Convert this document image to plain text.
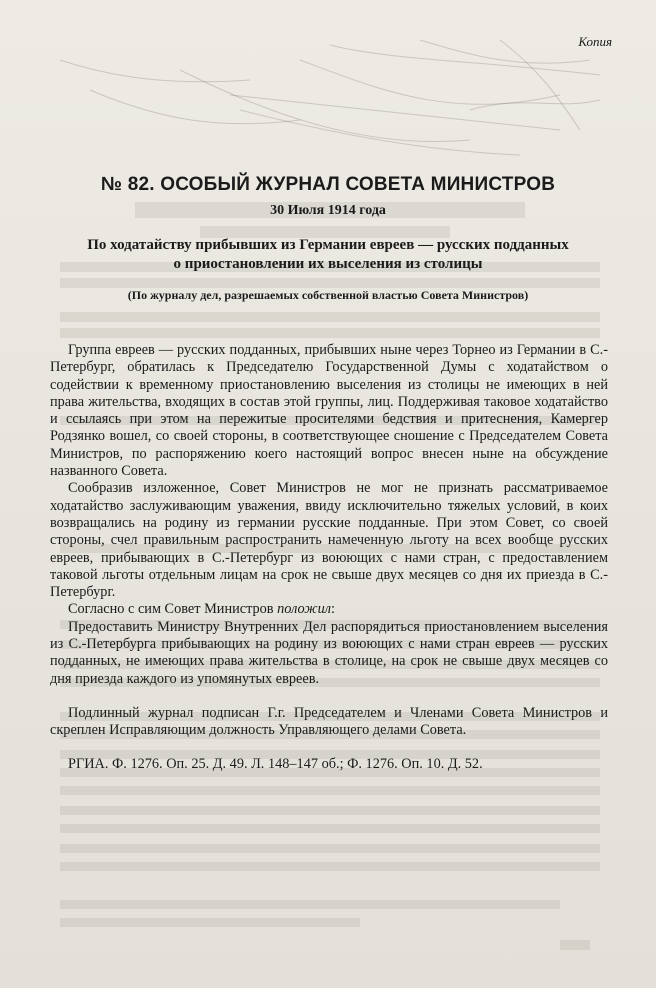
Копия
№ 82. ОСОБЫЙ ЖУРНАЛ СОВЕТА МИНИСТРОВ
30 Июля 1914 года
По ходатайству прибывших из Германии евреев — русских подданных
о приостановлении их выселения из столицы
(По журналу дел, разрешаемых собственной властью Совета Министров)

Группа евреев — русских подданных, прибывших ныне через Торнео из Германии в С.-Петербург, обратилась к Председателю Государственной Думы с ходатайством о содействии к временному приостановлению выселения из столицы не имеющих в ней права жительства, входящих в состав этой группы, лиц. Поддерживая таковое ходатайство и ссылаясь при этом на пережитые просителями бедствия и притеснения, Камергер Родзянко вошел, со своей стороны, в соответствующее сношение с Председателем Совета Министров, по распоряжению коего настоящий вопрос внесен ныне на обсуждение названного Совета.

Сообразив изложенное, Совет Министров не мог не признать рассматриваемое ходатайство заслуживающим уважения, ввиду исключительно тяжелых условий, в коих возвращались на родину из германии русские подданные. При этом Совет, со своей стороны, счел правильным распространить намеченную льготу на всех вообще русских евреев, прибывающих в С.-Петербург из воюющих с нами стран, с предоставлением таковой льготы отдельным лицам на срок не свыше двух месяцев со дня их приезда в С.-Петербург.

Согласно с сим Совет Министров положил:

Предоставить Министру Внутренних Дел распорядиться приостановлением выселения из С.-Петербурга прибывающих на родину из воюющих с нами стран евреев — русских подданных, не имеющих права жительства в столице, на срок не свыше двух месяцев со дня приезда каждого из упомянутых евреев.

Подлинный журнал подписан Г.г. Председателем и Членами Совета Министров и скреплен Исправляющим должность Управляющего делами Совета.

РГИА. Ф. 1276. Оп. 25. Д. 49. Л. 148–147 об.; Ф. 1276. Оп. 10. Д. 52.
